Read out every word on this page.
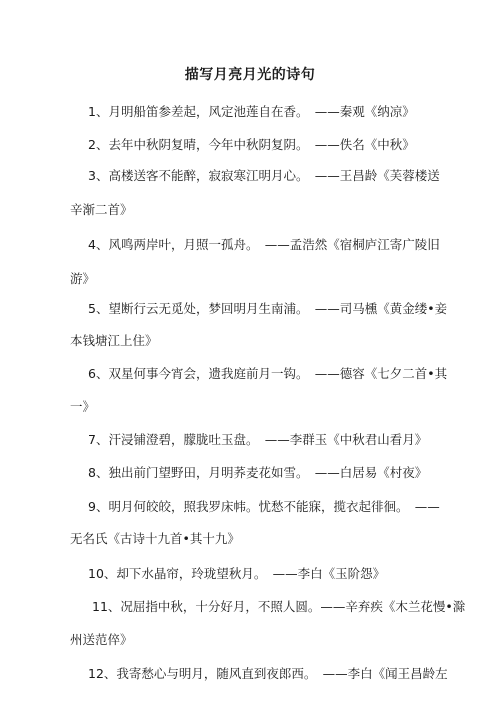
描写月亮月光的诗句
1、月明船笛参差起，风定池莲自在香。　——秦观《纳凉》
2、去年中秋阴复晴，今年中秋阴复阴。　——佚名《中秋》
3、高楼送客不能醉，寂寂寒江明月心。　——王昌龄《芙蓉楼送
辛渐二首》
4、风鸣两岸叶，月照一孤舟。　——孟浩然《宿桐庐江寄广陵旧
游》
5、望断行云无觅处，梦回明月生南浦。　——司马櫄《黄金缕•妾
本钱塘江上住》
6、双星何事今宵会，遗我庭前月一钩。　——德容《七夕二首•其
一》
7、汗浸铺澄碧，朦胧吐玉盘。　——李群玉《中秋君山看月》
8、独出前门望野田，月明荞麦花如雪。　——白居易《村夜》
9、明月何皎皎，照我罗床帏。忧愁不能寐，揽衣起徘徊。　——
无名氏《古诗十九首•其十九》
10、却下水晶帘，玲珑望秋月。　——李白《玉阶怨》
11、况屈指中秋，十分好月，不照人圆。——辛弃疾《木兰花慢•滁
州送范倅》
12、我寄愁心与明月，随风直到夜郎西。　——李白《闻王昌龄左
